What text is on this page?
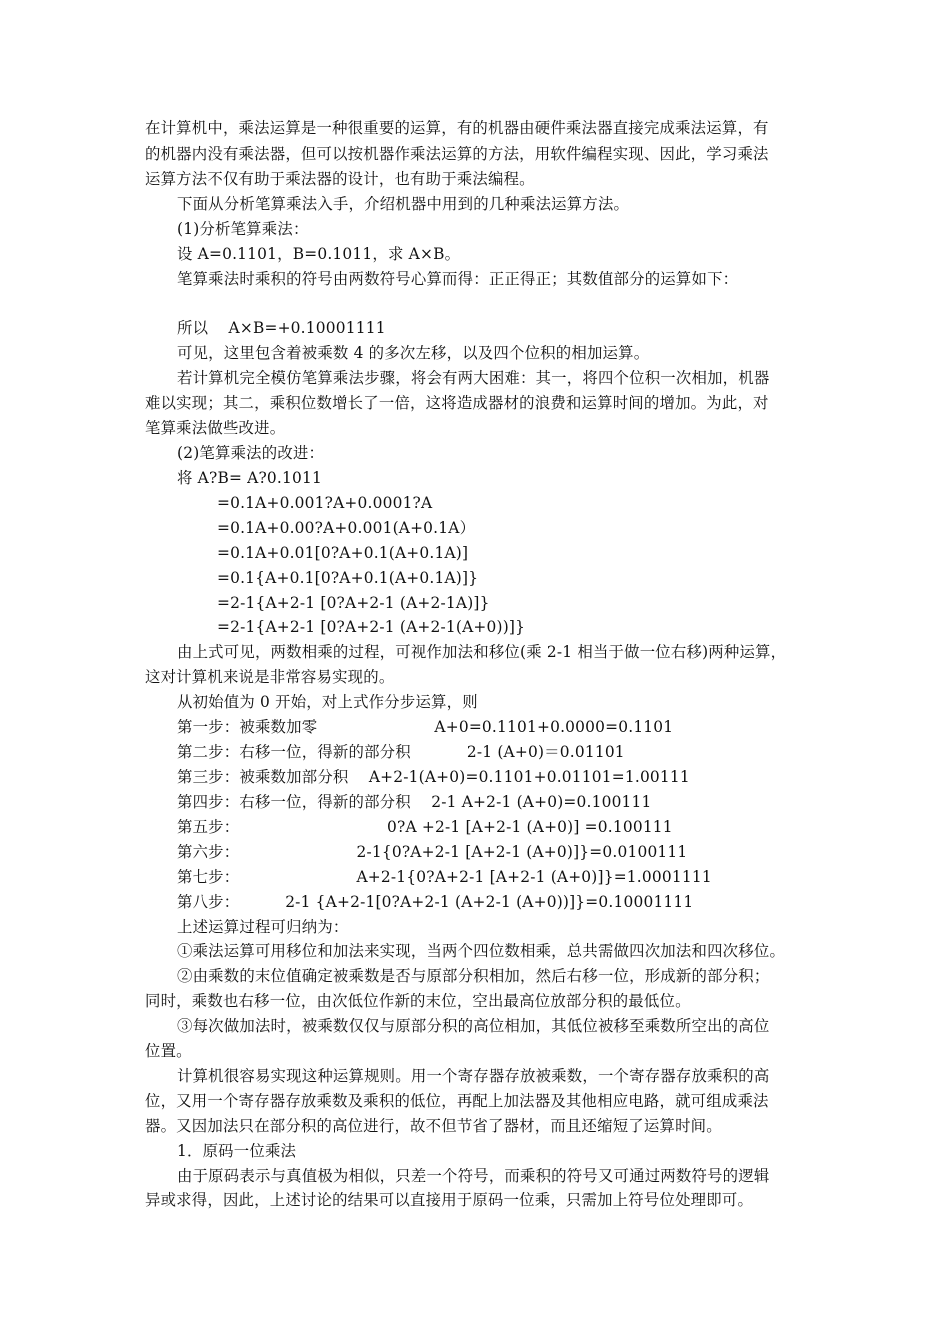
在计算机中，乘法运算是一种很重要的运算，有的机器由硬件乘法器直接完成乘法运算，有
的机器内没有乘法器，但可以按机器作乘法运算的方法，用软件编程实现、因此，学习乘法
运算方法不仅有助于乘法器的设计，也有助于乘法编程。
下面从分析笔算乘法入手，介绍机器中用到的几种乘法运算方法。
(1)分析笔算乘法：
设 A=0.1101，B=0.1011，求 A×B。
笔算乘法时乘积的符号由两数符号心算而得：正正得正；其数值部分的运算如下：
所以    A×B=+0.10001111
可见，这里包含着被乘数 4 的多次左移，以及四个位积的相加运算。
若计算机完全模仿笔算乘法步骤，将会有两大困难：其一，将四个位积一次相加，机器
难以实现；其二，乘积位数增长了一倍，这将造成器材的浪费和运算时间的增加。为此，对
笔算乘法做些改进。
(2)笔算乘法的改进：
将 A?B= A?0.1011
=0.1A+0.001?A+0.0001?A
=0.1A+0.00?A+0.001(A+0.1A）
=0.1A+0.01[0?A+0.1(A+0.1A)]
=0.1{A+0.1[0?A+0.1(A+0.1A)]}
=2-1{A+2-1 [0?A+2-1 (A+2-1A)]}
=2-1{A+2-1 [0?A+2-1 (A+2-1(A+0))]}
由上式可见，两数相乘的过程，可视作加法和移位(乘 2-1 相当于做一位右移)两种运算，
这对计算机来说是非常容易实现的。
从初始值为 0 开始，对上式作分步运算，则
第一步：被乘数加零                       A+0=0.1101+0.0000=0.1101
第二步：右移一位，得新的部分积           2-1 (A+0)＝0.01101
第三步：被乘数加部分积    A+2-1(A+0)=0.1101+0.01101=1.00111
第四步：右移一位，得新的部分积    2-1 A+2-1 (A+0)=0.100111
第五步：                             0?A +2-1 [A+2-1 (A+0)] =0.100111
第六步：                       2-1{0?A+2-1 [A+2-1 (A+0)]}=0.0100111
第七步：                       A+2-1{0?A+2-1 [A+2-1 (A+0)]}=1.0001111
第八步：         2-1 {A+2-1[0?A+2-1 (A+2-1 (A+0))]}=0.10001111
上述运算过程可归纳为：
①乘法运算可用移位和加法来实现，当两个四位数相乘，总共需做四次加法和四次移位。
②由乘数的末位值确定被乘数是否与原部分积相加，然后右移一位，形成新的部分积；
同时，乘数也右移一位，由次低位作新的末位，空出最高位放部分积的最低位。
③每次做加法时，被乘数仅仅与原部分积的高位相加，其低位被移至乘数所空出的高位
位置。
计算机很容易实现这种运算规则。用一个寄存器存放被乘数，一个寄存器存放乘积的高
位，又用一个寄存器存放乘数及乘积的低位，再配上加法器及其他相应电路，就可组成乘法
器。又因加法只在部分积的高位进行，故不但节省了器材，而且还缩短了运算时间。
1．原码一位乘法
由于原码表示与真值极为相似，只差一个符号，而乘积的符号又可通过两数符号的逻辑
异或求得，因此，上述讨论的结果可以直接用于原码一位乘，只需加上符号位处理即可。
